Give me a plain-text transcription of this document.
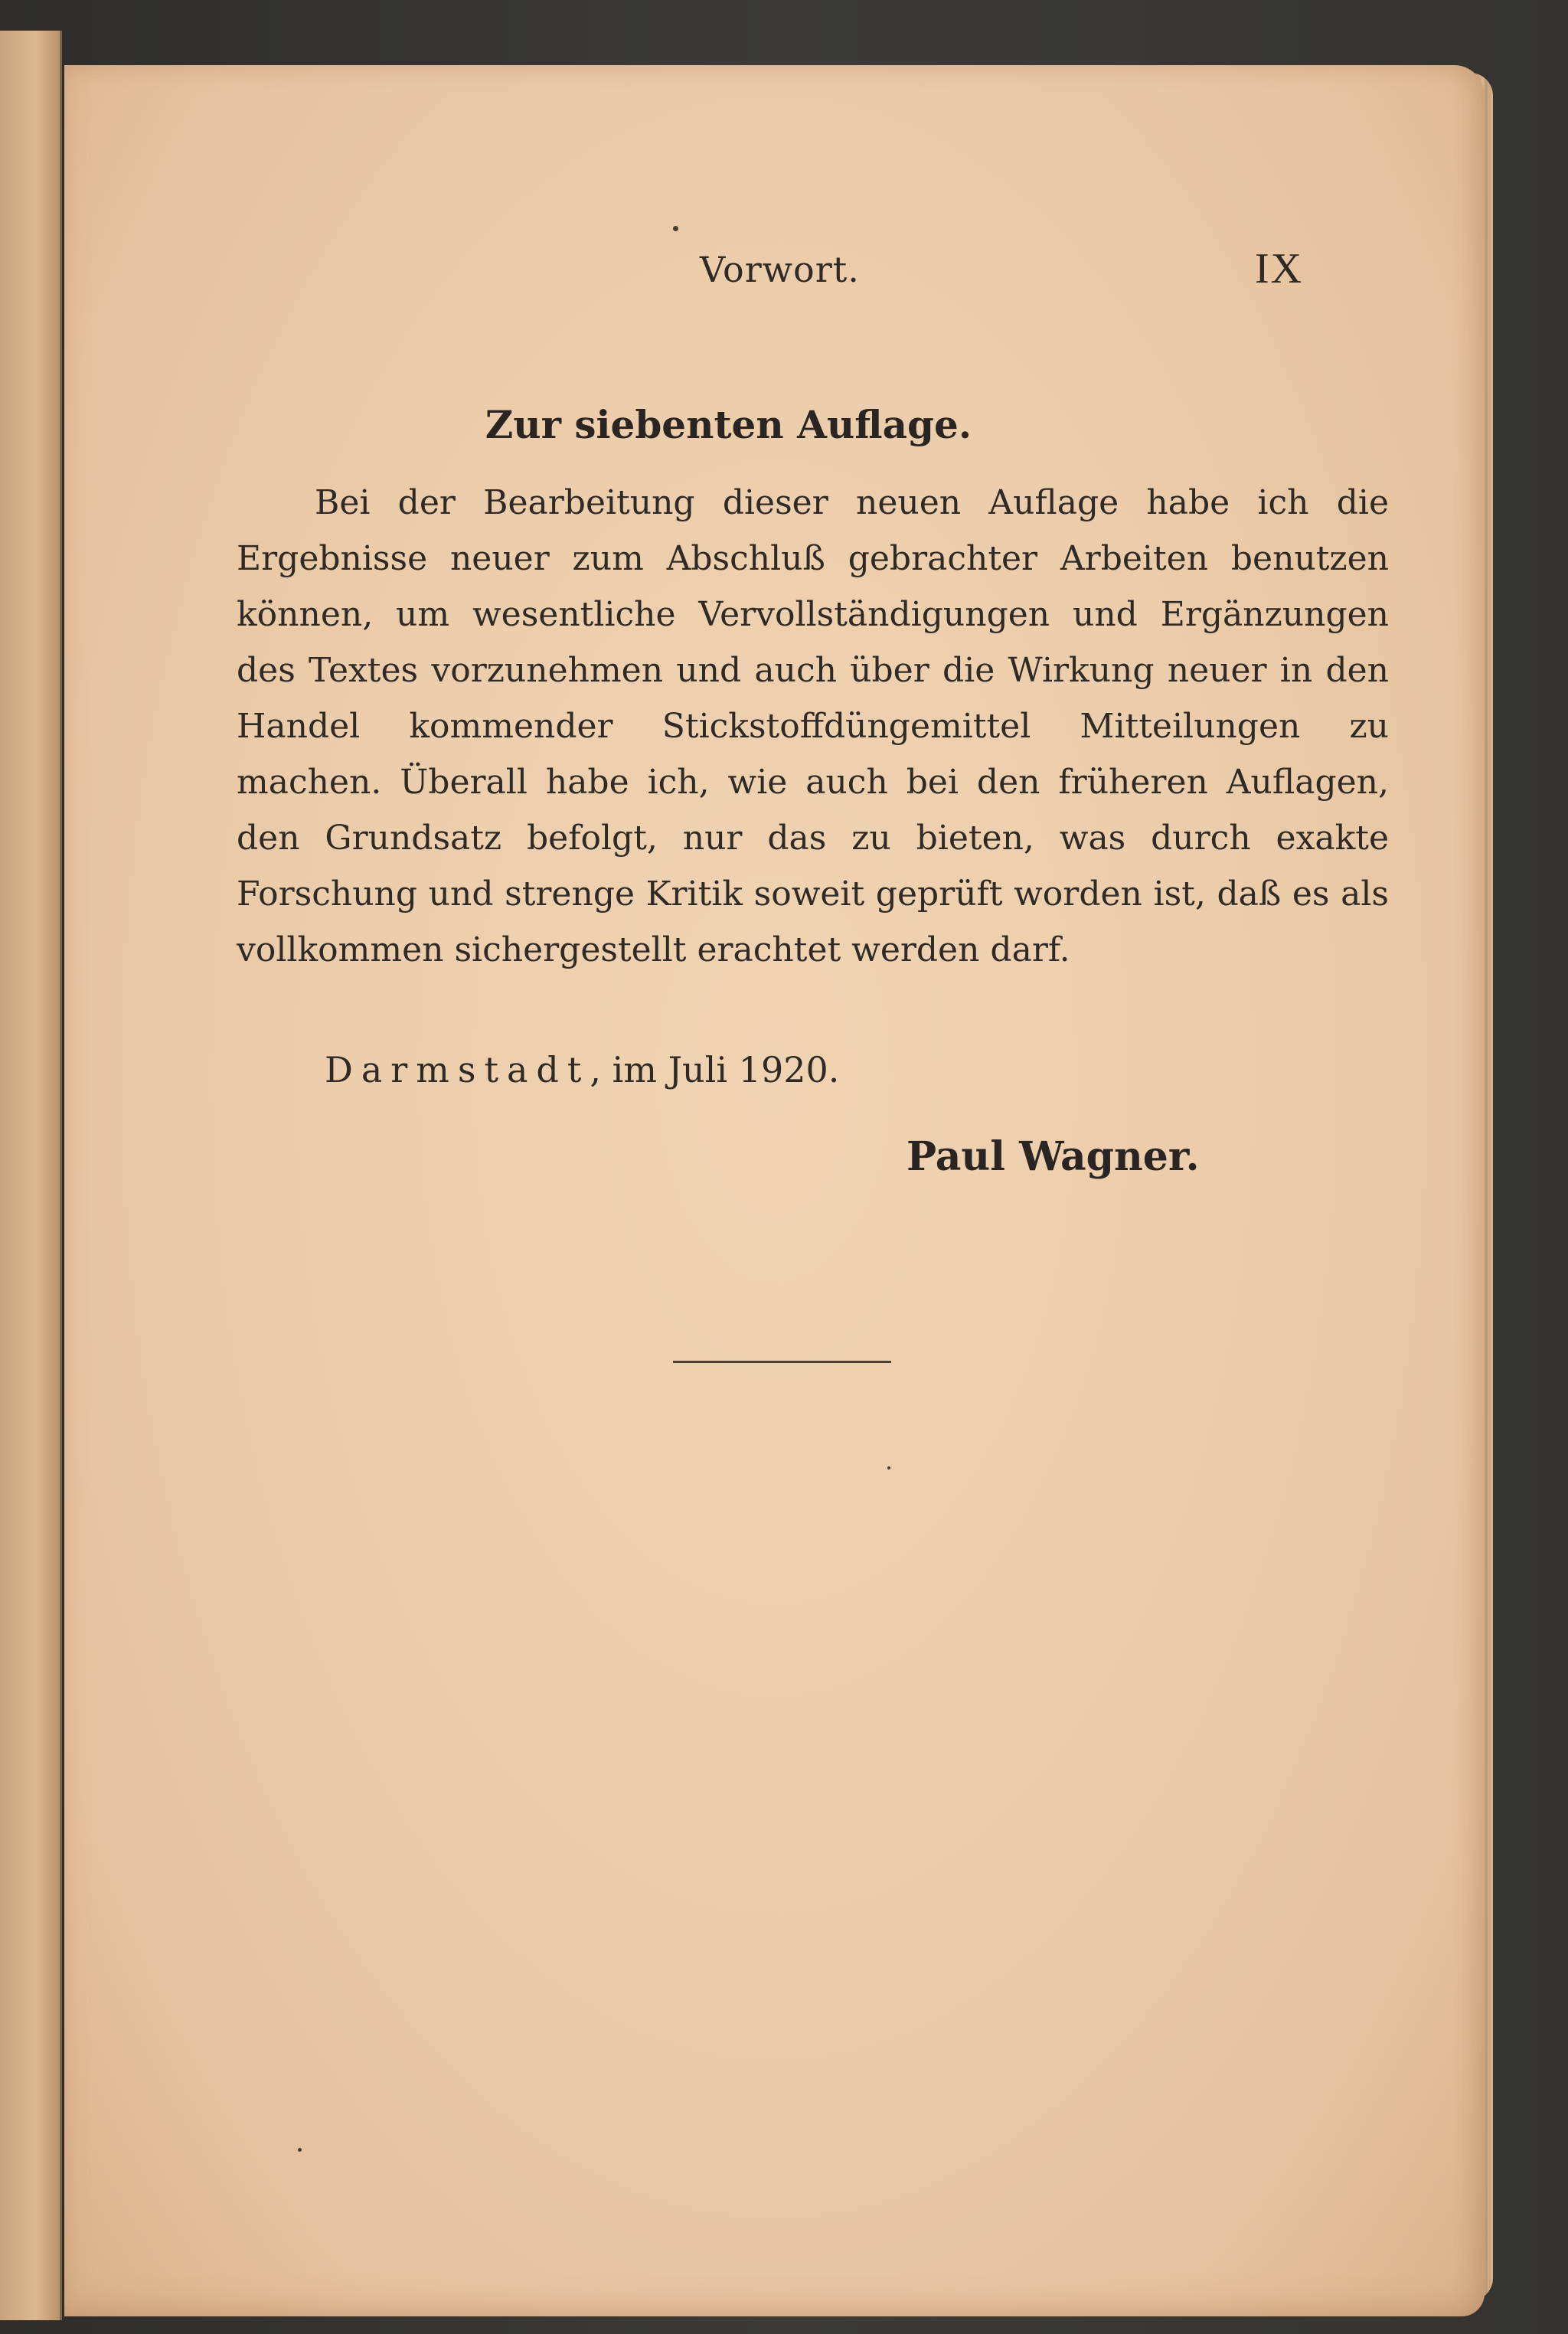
Vorwort.	IX
Zur siebenten Auflage.

Bei der Bearbeitung dieser neuen Auflage habe ich die Ergebnisse neuer zum Abschluß gebrachter Arbeiten benutzen können, um wesentliche Vervollständigungen und Ergänzungen des Textes vorzunehmen und auch über die Wirkung neuer in den Handel kommender Stickstoffdüngemittel Mitteilungen zu machen. Überall habe ich, wie auch bei den früheren Auflagen, den Grundsatz befolgt, nur das zu bieten, was durch exakte Forschung und strenge Kritik soweit geprüft worden ist, daß es als vollkommen sichergestellt erachtet werden darf.

Darmstadt, im Juli 1920.
Paul Wagner.
